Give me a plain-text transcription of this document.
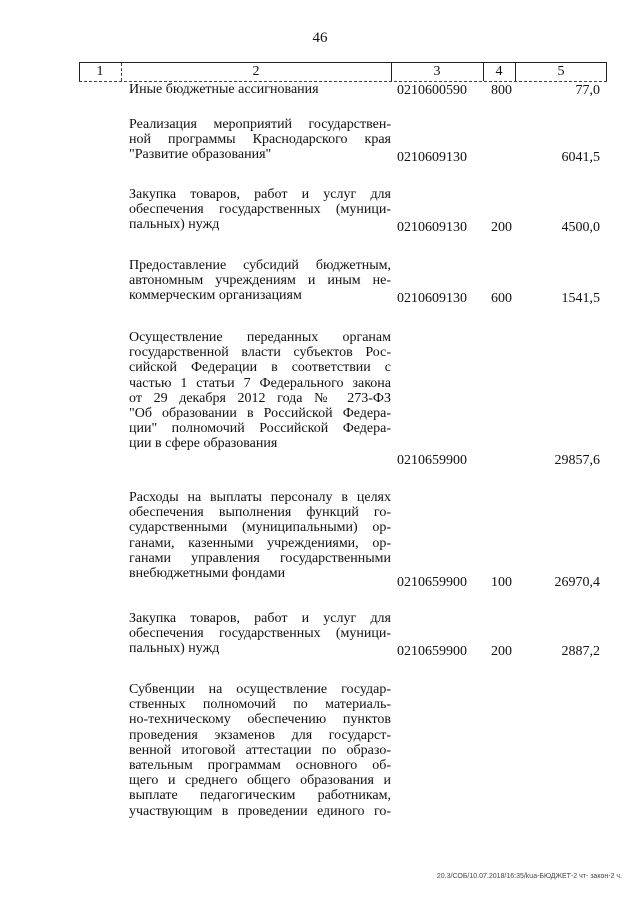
46
1	2	3	4	5
Иные бюджетные ассигнования	0210600590 800	77,0
Реализация мероприятий государствен-
ной программы Краснодарского края
"Развитие образования"	0210609130	6041,5
Закупка товаров, работ и услуг для
обеспечения государственных (муници-
пальных) нужд	0210609130 200	4500,0
Предоставление субсидий бюджетным,
автономным учреждениям и иным не-
коммерческим организациям	0210609130 600	1541,5
Осуществление переданных органам
государственной власти субъектов Рос-
сийской Федерации в соответствии с
частью 1 статьи 7 Федерального закона
от 29 декабря 2012 года № 273-ФЗ
"Об образовании в Российской Федера-
ции" полномочий Российской Федера-
ции в сфере образования
0210659900	29857,6
Расходы на выплаты персоналу в целях
обеспечения выполнения функций го-
сударственными (муниципальными) ор-
ганами, казенными учреждениями, ор-
ганами управления государственными
внебюджетными фондами
0210659900 100	26970,4
Закупка товаров, работ и услуг для
обеспечения государственных (муници-
пальных) нужд	0210659900 200	2887,2
Субвенции на осуществление государ-
ственных полномочий по материаль-
но-техническому обеспечению пунктов
проведения экзаменов для государст-
венной итоговой аттестации по образо-
вательным программам основного об-
щего и среднего общего образования и
выплате педагогическим работникам,
участвующим в проведении единого го-
20.3/СОБ/10.07.2018/16:35/kua-БЮДЖЕТ-2 чт- закон-2 ч.
